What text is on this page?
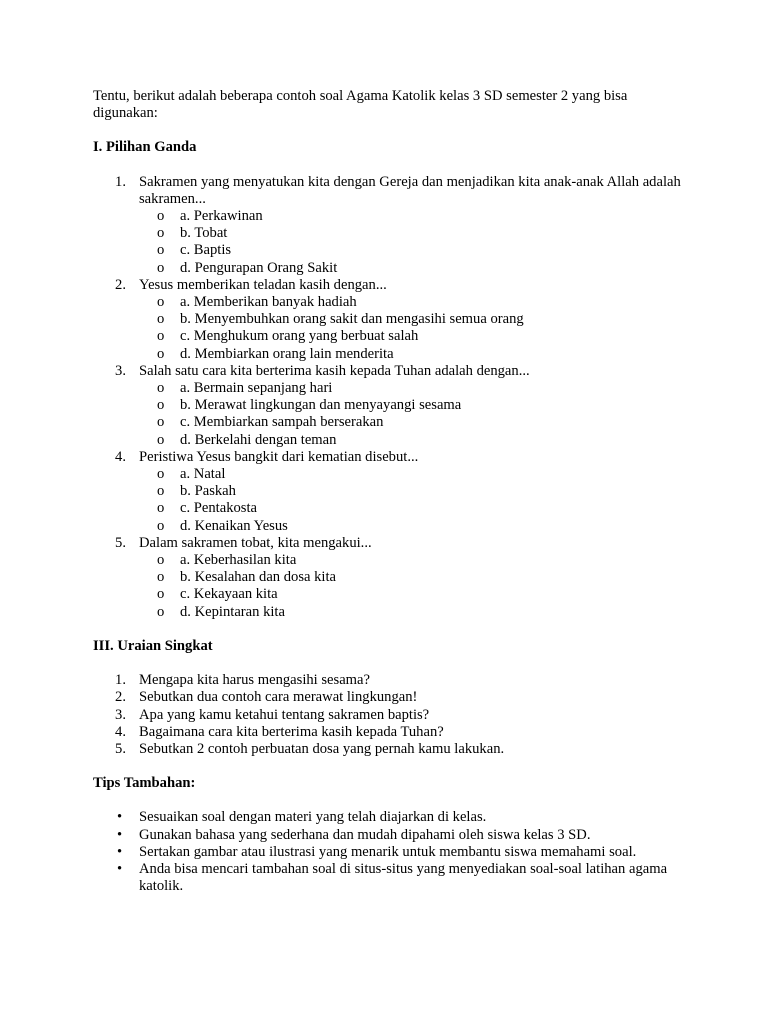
Tentu, berikut adalah beberapa contoh soal Agama Katolik kelas 3 SD semester 2 yang bisa digunakan:

I. Pilihan Ganda

1. Sakramen yang menyatukan kita dengan Gereja dan menjadikan kita anak-anak Allah adalah sakramen...
o a. Perkawinan
o b. Tobat
o c. Baptis
o d. Pengurapan Orang Sakit
2. Yesus memberikan teladan kasih dengan...
o a. Memberikan banyak hadiah
o b. Menyembuhkan orang sakit dan mengasihi semua orang
o c. Menghukum orang yang berbuat salah
o d. Membiarkan orang lain menderita
3. Salah satu cara kita berterima kasih kepada Tuhan adalah dengan...
o a. Bermain sepanjang hari
o b. Merawat lingkungan dan menyayangi sesama
o c. Membiarkan sampah berserakan
o d. Berkelahi dengan teman
4. Peristiwa Yesus bangkit dari kematian disebut...
o a. Natal
o b. Paskah
o c. Pentakosta
o d. Kenaikan Yesus
5. Dalam sakramen tobat, kita mengakui...
o a. Keberhasilan kita
o b. Kesalahan dan dosa kita
o c. Kekayaan kita
o d. Kepintaran kita

III. Uraian Singkat

1. Mengapa kita harus mengasihi sesama?
2. Sebutkan dua contoh cara merawat lingkungan!
3. Apa yang kamu ketahui tentang sakramen baptis?
4. Bagaimana cara kita berterima kasih kepada Tuhan?
5. Sebutkan 2 contoh perbuatan dosa yang pernah kamu lakukan.

Tips Tambahan:

• Sesuaikan soal dengan materi yang telah diajarkan di kelas.
• Gunakan bahasa yang sederhana dan mudah dipahami oleh siswa kelas 3 SD.
• Sertakan gambar atau ilustrasi yang menarik untuk membantu siswa memahami soal.
• Anda bisa mencari tambahan soal di situs-situs yang menyediakan soal-soal latihan agama katolik.
